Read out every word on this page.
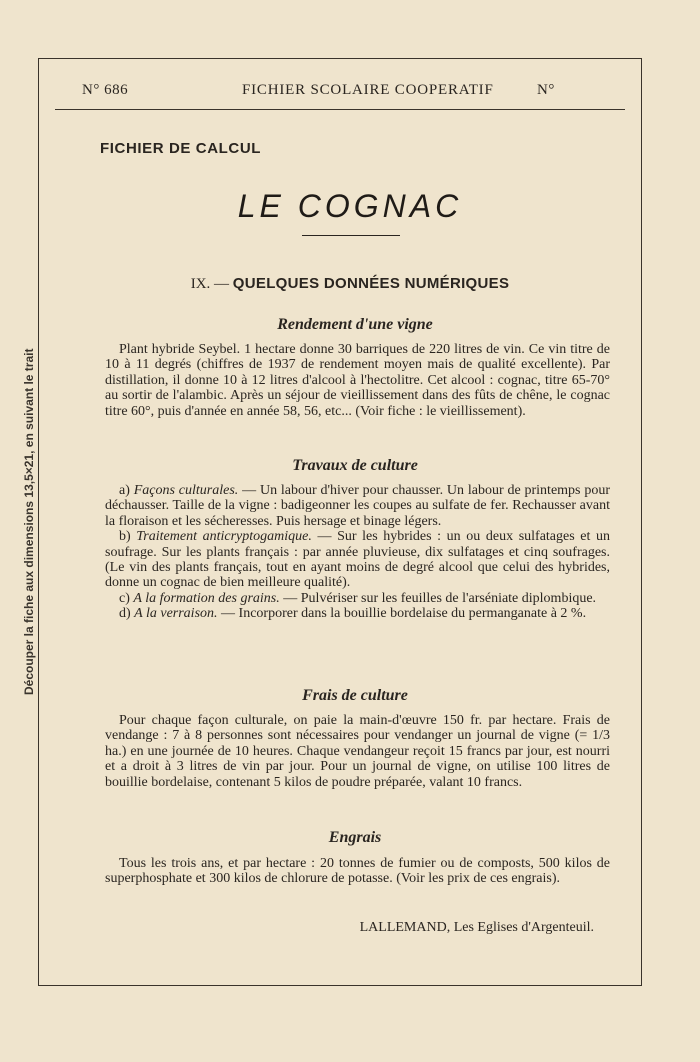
N° 686	FICHIER SCOLAIRE COOPERATIF	N°
Découper la fiche aux dimensions 13,5×21, en suivant le trait
FICHIER DE CALCUL
LE COGNAC
IX. — QUELQUES DONNÉES NUMÉRIQUES
Rendement d'une vigne

Plant hybride Seybel. 1 hectare donne 30 barriques de 220 litres de vin. Ce vin titre de 10 à 11 degrés (chiffres de 1937 de rendement moyen mais de qualité excellente). Par distillation, il donne 10 à 12 litres d'alcool à l'hectolitre. Cet alcool : cognac, titre 65-70° au sortir de l'alambic. Après un séjour de vieillissement dans des fûts de chêne, le cognac titre 60°, puis d'année en année 58, 56, etc... (Voir fiche : le vieillissement).

Travaux de culture

a) Façons culturales. — Un labour d'hiver pour chausser. Un labour de printemps pour déchausser. Taille de la vigne : badigeonner les coupes au sulfate de fer. Rechausser avant la floraison et les sécheresses. Puis hersage et binage légers.

b) Traitement anticryptogamique. — Sur les hybrides : un ou deux sulfatages et un soufrage. Sur les plants français : par année pluvieuse, dix sulfatages et cinq soufrages. (Le vin des plants français, tout en ayant moins de degré alcool que celui des hybrides, donne un cognac de bien meilleure qualité).

c) A la formation des grains. — Pulvériser sur les feuilles de l'arséniate diplombique.

d) A la verraison. — Incorporer dans la bouillie bordelaise du permanganate à 2 %.

Frais de culture

Pour chaque façon culturale, on paie la main-d'œuvre 150 fr. par hectare. Frais de vendange : 7 à 8 personnes sont nécessaires pour vendanger un journal de vigne (= 1/3 ha.) en une journée de 10 heures. Chaque vendangeur reçoit 15 francs par jour, est nourri et a droit à 3 litres de vin par jour. Pour un journal de vigne, on utilise 100 litres de bouillie bordelaise, contenant 5 kilos de poudre préparée, valant 10 francs.

Engrais

Tous les trois ans, et par hectare : 20 tonnes de fumier ou de composts, 500 kilos de superphosphate et 300 kilos de chlorure de potasse. (Voir les prix de ces engrais).

LALLEMAND, Les Eglises d'Argenteuil.
